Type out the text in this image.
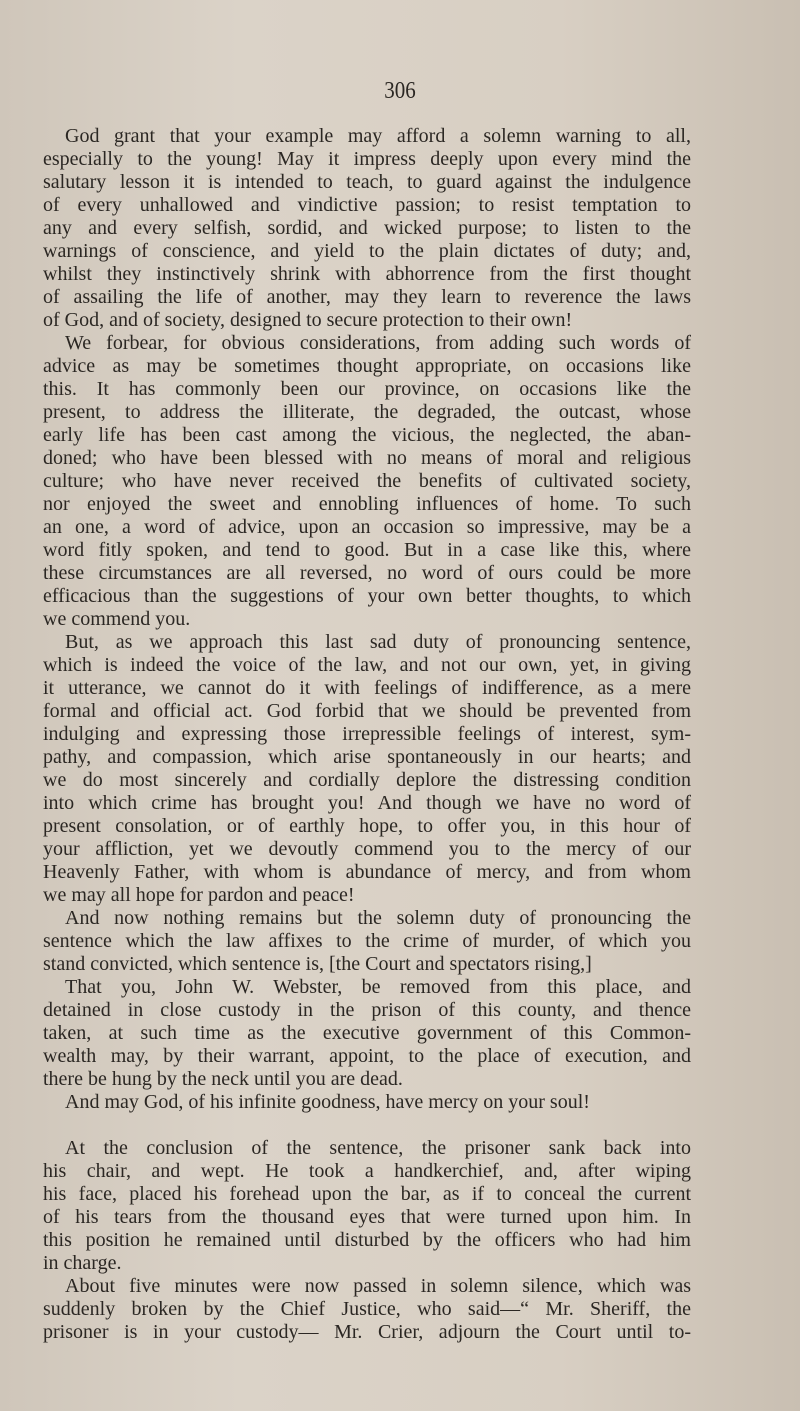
306
God grant that your example may afford a solemn warning to all,
especially to the young! May it impress deeply upon every mind the
salutary lesson it is intended to teach, to guard against the indulgence
of every unhallowed and vindictive passion; to resist temptation to
any and every selfish, sordid, and wicked purpose; to listen to the
warnings of conscience, and yield to the plain dictates of duty; and,
whilst they instinctively shrink with abhorrence from the first thought
of assailing the life of another, may they learn to reverence the laws
of God, and of society, designed to secure protection to their own!
We forbear, for obvious considerations, from adding such words of
advice as may be sometimes thought appropriate, on occasions like
this. It has commonly been our province, on occasions like the
present, to address the illiterate, the degraded, the outcast, whose
early life has been cast among the vicious, the neglected, the aban-
doned; who have been blessed with no means of moral and religious
culture; who have never received the benefits of cultivated society,
nor enjoyed the sweet and ennobling influences of home. To such
an one, a word of advice, upon an occasion so impressive, may be a
word fitly spoken, and tend to good. But in a case like this, where
these circumstances are all reversed, no word of ours could be more
efficacious than the suggestions of your own better thoughts, to which
we commend you.
But, as we approach this last sad duty of pronouncing sentence,
which is indeed the voice of the law, and not our own, yet, in giving
it utterance, we cannot do it with feelings of indifference, as a mere
formal and official act. God forbid that we should be prevented from
indulging and expressing those irrepressible feelings of interest, sym-
pathy, and compassion, which arise spontaneously in our hearts; and
we do most sincerely and cordially deplore the distressing condition
into which crime has brought you! And though we have no word of
present consolation, or of earthly hope, to offer you, in this hour of
your affliction, yet we devoutly commend you to the mercy of our
Heavenly Father, with whom is abundance of mercy, and from whom
we may all hope for pardon and peace!
And now nothing remains but the solemn duty of pronouncing the
sentence which the law affixes to the crime of murder, of which you
stand convicted, which sentence is, [the Court and spectators rising,]
That you, John W. Webster, be removed from this place, and
detained in close custody in the prison of this county, and thence
taken, at such time as the executive government of this Common-
wealth may, by their warrant, appoint, to the place of execution, and
there be hung by the neck until you are dead.
And may God, of his infinite goodness, have mercy on your soul!
At the conclusion of the sentence, the prisoner sank back into
his chair, and wept. He took a handkerchief, and, after wiping
his face, placed his forehead upon the bar, as if to conceal the current
of his tears from the thousand eyes that were turned upon him. In
this position he remained until disturbed by the officers who had him
in charge.
About five minutes were now passed in solemn silence, which was
suddenly broken by the Chief Justice, who said—“ Mr. Sheriff, the
prisoner is in your custody— Mr. Crier, adjourn the Court until to-
